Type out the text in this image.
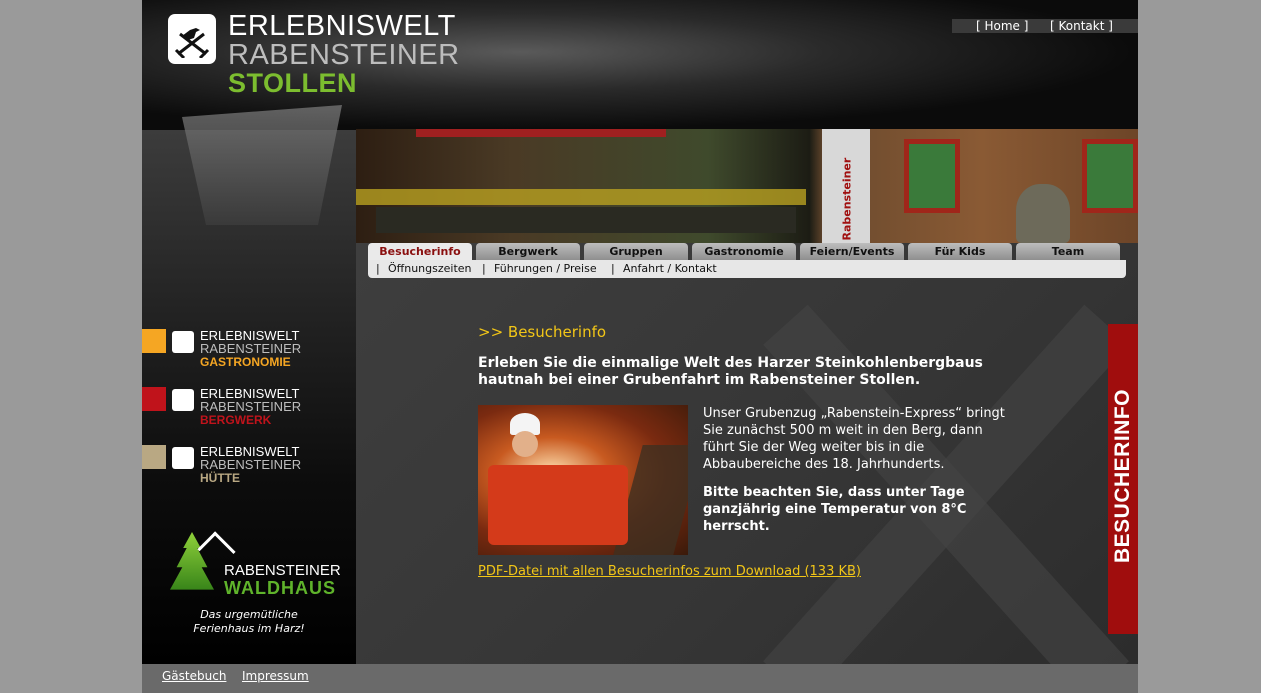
ERLEBNISWELT
RABENSTEINER
STOLLEN
[ Home ] [ Kontakt ]
ERLEBNISWELT
RABENSTEINER
GASTRONOMIE
ERLEBNISWELT
RABENSTEINER
BERGWERK
ERLEBNISWELT
RABENSTEINER
HÜTTE
RABENSTEINER
WALDHAUS
Das urgemütliche
Ferienhaus im Harz!
Rabensteiner
Besucherinfo	Bergwerk	Gruppen	Gastronomie	Feiern/Events	Für Kids	Team
| Öffnungszeiten | Führungen / Preise | Anfahrt / Kontakt
>> Besucherinfo
Erleben Sie die einmalige Welt des Harzer Steinkohlenbergbaus hautnah bei einer Grubenfahrt im Rabensteiner Stollen.
Unser Grubenzug „Rabenstein-Express“ bringt Sie zunächst 500 m weit in den Berg, dann führt Sie der Weg weiter bis in die Abbaubereiche des 18. Jahrhunderts.
Bitte beachten Sie, dass unter Tage ganzjährig eine Temperatur von 8°C herrscht.
PDF-Datei mit allen Besucherinfos zum Download (133 KB)
BESUCHERINFO
Gästebuch Impressum
